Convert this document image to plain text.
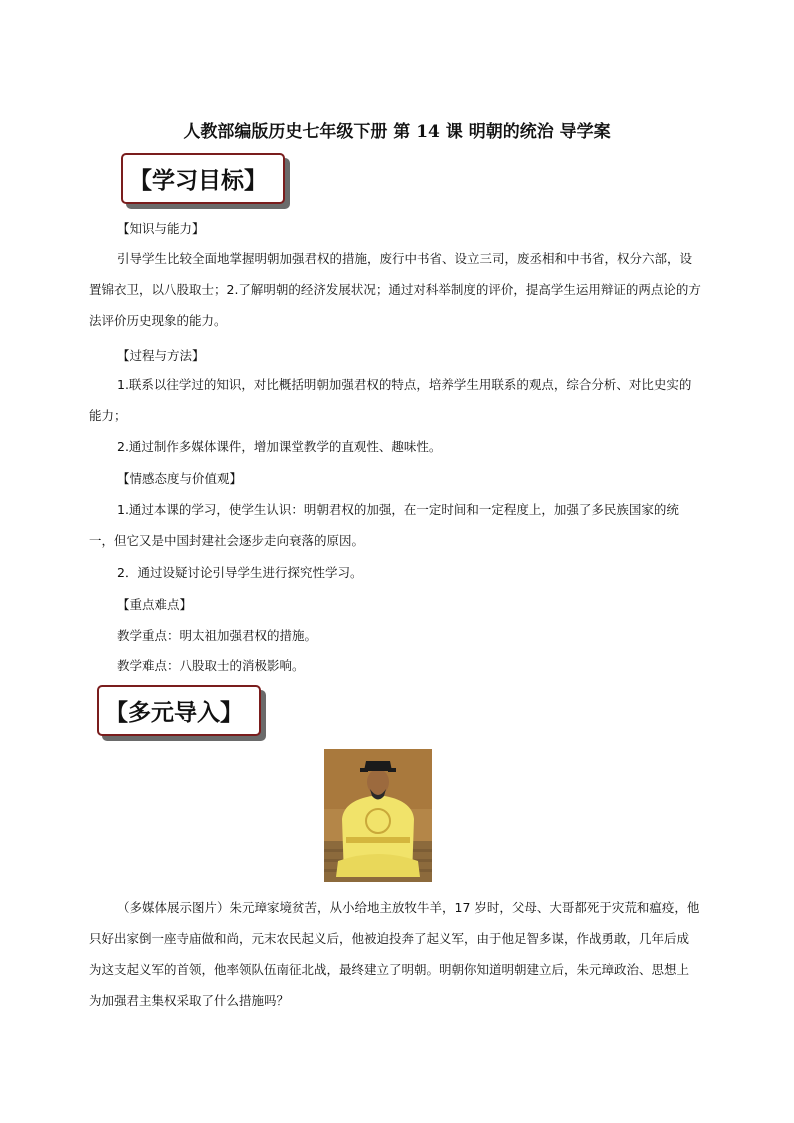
人教部编版历史七年级下册 第 14 课 明朝的统治 导学案
【学习目标】
【知识与能力】

引导学生比较全面地掌握明朝加强君权的措施，废行中书省、设立三司，废丞相和中书省，权分六部，设置锦衣卫，以八股取士；2.了解明朝的经济发展状况；通过对科举制度的评价，提高学生运用辩证的两点论的方法评价历史现象的能力。

【过程与方法】

1.联系以往学过的知识，对比概括明朝加强君权的特点，培养学生用联系的观点，综合分析、对比史实的能力；

2.通过制作多媒体课件，增加课堂教学的直观性、趣味性。
【情感态度与价值观】

1.通过本课的学习，使学生认识：明朝君权的加强，在一定时间和一定程度上，加强了多民族国家的统一，但它又是中国封建社会逐步走向衰落的原因。

2．通过设疑讨论引导学生进行探究性学习。
【重点难点】
教学重点：明太祖加强君权的措施。
教学难点：八股取士的消极影响。
【多元导入】

（多媒体展示图片）朱元璋家境贫苦，从小给地主放牧牛羊，17 岁时，父母、大哥都死于灾荒和瘟疫，他只好出家倒一座寺庙做和尚，元末农民起义后，他被迫投奔了起义军，由于他足智多谋，作战勇敢，几年后成为这支起义军的首领，他率领队伍南征北战，最终建立了明朝。明朝你知道明朝建立后，朱元璋政治、思想上为加强君主集权采取了什么措施吗？
